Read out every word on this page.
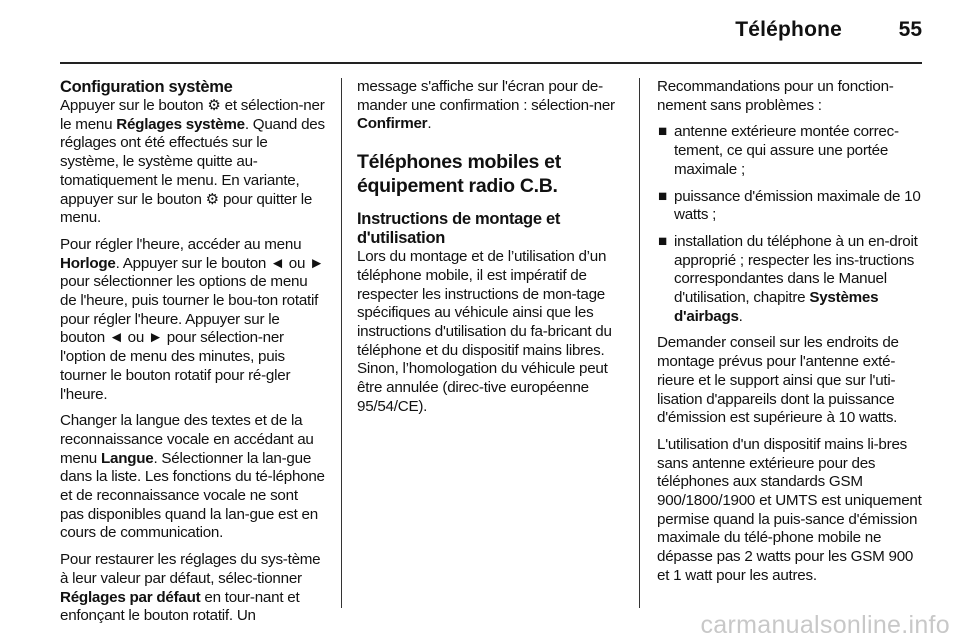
Téléphone	55
Configuration système

Appuyer sur le bouton ⚙ et sélection-ner le menu Réglages système. Quand des réglages ont été effectués sur le système, le système quitte au-tomatiquement le menu. En variante, appuyer sur le bouton ⚙ pour quitter le menu.

Pour régler l'heure, accéder au menu Horloge. Appuyer sur le bouton ◄ ou ► pour sélectionner les options de menu de l'heure, puis tourner le bou-ton rotatif pour régler l'heure. Appuyer sur le bouton ◄ ou ► pour sélection-ner l'option de menu des minutes, puis tourner le bouton rotatif pour ré-gler l'heure.

Changer la langue des textes et de la reconnaissance vocale en accédant au menu Langue. Sélectionner la lan-gue dans la liste. Les fonctions du té-léphone et de reconnaissance vocale ne sont pas disponibles quand la lan-gue est en cours de communication.

Pour restaurer les réglages du sys-tème à leur valeur par défaut, sélec-tionner Réglages par défaut en tour-nant et enfonçant le bouton rotatif. Un

message s'affiche sur l'écran pour de-mander une confirmation : sélection-ner Confirmer.

Téléphones mobiles et équipement radio C.B.
Instructions de montage et d'utilisation

Lors du montage et de l’utilisation d’un téléphone mobile, il est impératif de respecter les instructions de mon-tage spécifiques au véhicule ainsi que les instructions d'utilisation du fa-bricant du téléphone et du dispositif mains libres. Sinon, l’homologation du véhicule peut être annulée (direc-tive européenne 95/54/CE).

Recommandations pour un fonction-nement sans problèmes :

■ antenne extérieure montée correc-tement, ce qui assure une portée maximale ;
■ puissance d'émission maximale de 10 watts ;
■ installation du téléphone à un en-droit approprié ; respecter les ins-tructions correspondantes dans le Manuel d'utilisation, chapitre Systèmes d'airbags.

Demander conseil sur les endroits de montage prévus pour l'antenne exté-rieure et le support ainsi que sur l'uti-lisation d'appareils dont la puissance d'émission est supérieure à 10 watts.

L'utilisation d'un dispositif mains li-bres sans antenne extérieure pour des téléphones aux standards GSM 900/1800/1900 et UMTS est uniquement permise quand la puis-sance d'émission maximale du télé-phone mobile ne dépasse pas 2 watts pour les GSM 900 et 1 watt pour les autres.

carmanualsonline.info
